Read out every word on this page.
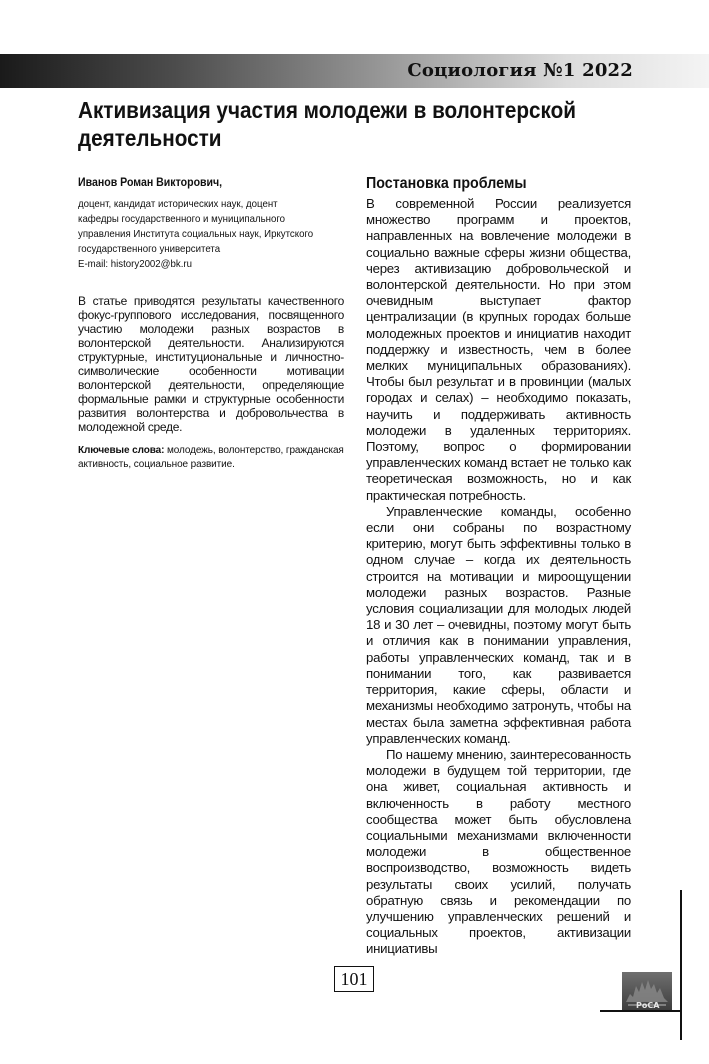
Социология №1 2022
Активизация участия молодежи в волонтерской
деятельности
Иванов Роман Викторович,
доцент, кандидат исторических наук, доцент
кафедры государственного и муниципального
управления Института социальных наук, Иркутского
государственного университета
E-mail: history2002@bk.ru
В статье приводятся результаты качественного фокус-группового исследования, посвященного участию молодежи разных возрастов в волонтерской деятельности. Анализируются структурные, институциональные и личностно-символические особенности мотивации волонтерской деятельности, определяющие формальные рамки и структурные особенности развития волонтерства и добровольчества в молодежной среде.
Ключевые слова: молодежь, волонтерство, гражданская активность, социальное развитие.
Постановка проблемы

В современной России реализуется множество программ и проектов, направленных на вовлечение молодежи в социально важные сферы жизни общества, через активизацию добровольческой и волонтерской деятельности. Но при этом очевидным выступает фактор централизации (в крупных городах больше молодежных проектов и инициатив находит поддержку и известность, чем в более мелких муниципальных образованиях). Чтобы был результат и в провинции (малых городах и селах) – необходимо показать, научить и поддерживать активность молодежи в удаленных территориях. Поэтому, вопрос о формировании управленческих команд встает не только как теоретическая возможность, но и как практическая потребность.

Управленческие команды, особенно если они собраны по возрастному критерию, могут быть эффективны только в одном случае – когда их деятельность строится на мотивации и мироощущении молодежи разных возрастов. Разные условия социализации для молодых людей 18 и 30 лет – очевидны, поэтому могут быть и отличия как в понимании управления, работы управленческих команд, так и в понимании того, как развивается территория, какие сферы, области и механизмы необходимо затронуть, чтобы на местах была заметна эффективная работа управленческих команд.

По нашему мнению, заинтересованность молодежи в будущем той территории, где она живет, социальная активность и включенность в работу местного сообщества может быть обусловлена социальными механизмами включенности молодежи в общественное воспроизводство, возможность видеть результаты своих усилий, получать обратную связь и рекомендации по улучшению управленческих решений и социальных проектов, активизации инициативы

101
РоСА
